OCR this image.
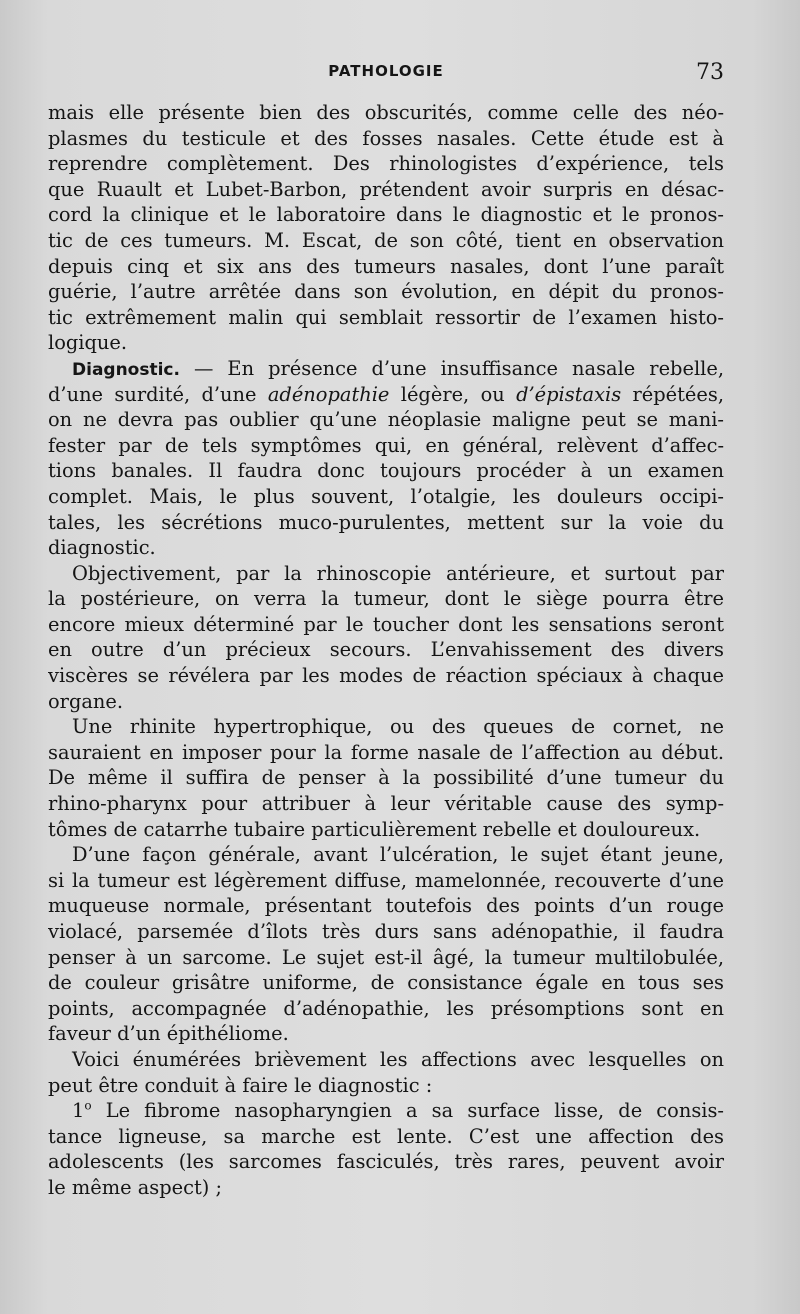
PATHOLOGIE	73
mais elle présente bien des obscurités, comme celle des néo-
plasmes du testicule et des fosses nasales. Cette étude est à
reprendre complètement. Des rhinologistes d’expérience, tels
que Ruault et Lubet-Barbon, prétendent avoir surpris en désac-
cord la clinique et le laboratoire dans le diagnostic et le pronos-
tic de ces tumeurs. M. Escat, de son côté, tient en observation
depuis cinq et six ans des tumeurs nasales, dont l’une paraît
guérie, l’autre arrêtée dans son évolution, en dépit du pronos-
tic extrêmement malin qui semblait ressortir de l’examen histo-
logique.
Diagnostic. — En présence d’une insuffisance nasale rebelle,
d’une surdité, d’une adénopathie légère, ou d’épistaxis répétées,
on ne devra pas oublier qu’une néoplasie maligne peut se mani-
fester par de tels symptômes qui, en général, relèvent d’affec-
tions banales. Il faudra donc toujours procéder à un examen
complet. Mais, le plus souvent, l’otalgie, les douleurs occipi-
tales, les sécrétions muco-purulentes, mettent sur la voie du
diagnostic.
Objectivement, par la rhinoscopie antérieure, et surtout par
la postérieure, on verra la tumeur, dont le siège pourra être
encore mieux déterminé par le toucher dont les sensations seront
en outre d’un précieux secours. L’envahissement des divers
viscères se révélera par les modes de réaction spéciaux à chaque
organe.
Une rhinite hypertrophique, ou des queues de cornet, ne
sauraient en imposer pour la forme nasale de l’affection au début.
De même il suffira de penser à la possibilité d’une tumeur du
rhino-pharynx pour attribuer à leur véritable cause des symp-
tômes de catarrhe tubaire particulièrement rebelle et douloureux.
D’une façon générale, avant l’ulcération, le sujet étant jeune,
si la tumeur est légèrement diffuse, mamelonnée, recouverte d’une
muqueuse normale, présentant toutefois des points d’un rouge
violacé, parsemée d’îlots très durs sans adénopathie, il faudra
penser à un sarcome. Le sujet est-il âgé, la tumeur multilobulée,
de couleur grisâtre uniforme, de consistance égale en tous ses
points, accompagnée d’adénopathie, les présomptions sont en
faveur d’un épithéliome.
Voici énumérées brièvement les affections avec lesquelles on
peut être conduit à faire le diagnostic :
1$^o$ Le fibrome nasopharyngien a sa surface lisse, de consis-
tance ligneuse, sa marche est lente. C’est une affection des
adolescents (les sarcomes fasciculés, très rares, peuvent avoir
le même aspect) ;
